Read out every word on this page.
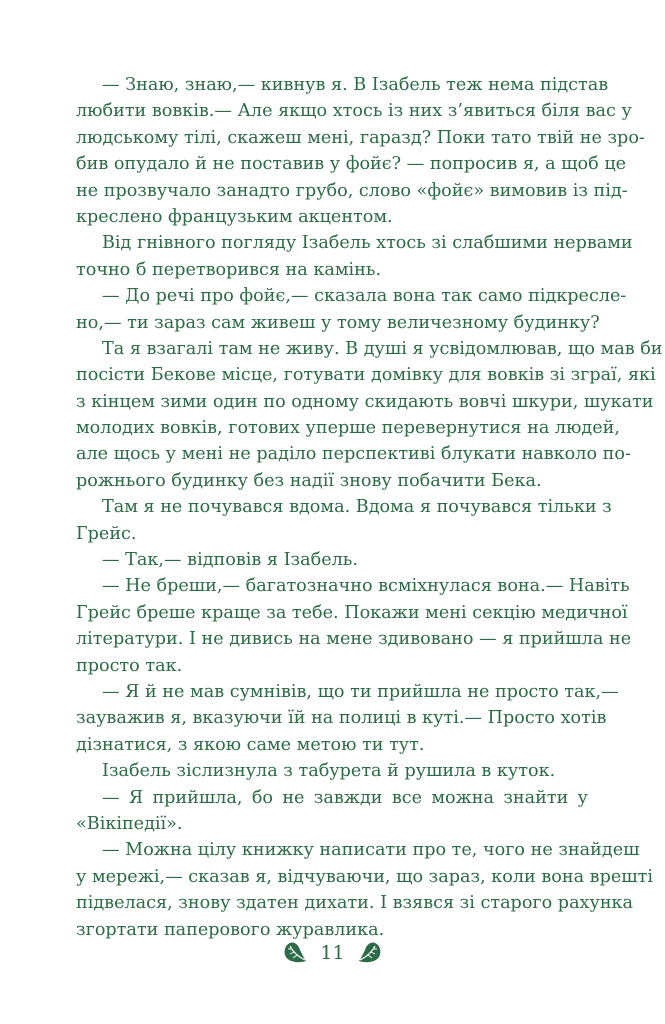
— Знаю, знаю,— кивнув я. В Ізабель теж нема підстав
любити вовків.— Але якщо хтось із них з’явиться біля вас у
людському тілі, скажеш мені, гаразд? Поки тато твій не зро-
бив опудало й не поставив у фойє? — попросив я, а щоб це
не прозвучало занадто грубо, слово «фойє» вимовив із під-
креслено французьким акцентом.
Від гнівного погляду Ізабель хтось зі слабшими нервами
точно б перетворився на камінь.
— До речі про фойє,— сказала вона так само підкреслe-
но,— ти зараз сам живеш у тому величезному будинку?
Та я взагалі там не живу. В душі я усвідомлював, що мав би
посісти Бекове місце, готувати домівку для вовків зі зграї, які
з кінцем зими один по одному скидають вовчі шкури, шукати
молодих вовків, готових уперше перевернутися на людей,
але щось у мені не раділо перспективі блукати навколо по-
рожнього будинку без надії знову побачити Бека.
Там я не почувався вдома. Вдома я почувався тільки з
Грейс.
— Так,— відповів я Ізабель.
— Не бреши,— багатозначно всміхнулася вона.— Навіть
Грейс бреше краще за тебе. Покажи мені секцію медичної
літератури. І не дивись на мене здивовано — я прийшла не
просто так.
— Я й не мав сумнівів, що ти прийшла не просто так,—
зауважив я, вказуючи їй на полиці в куті.— Просто хотів
дізнатися, з якою саме метою ти тут.
Ізабель зіслизнула з табурета й рушила в куток.
— Я прийшла, бо не завжди все можна знайти у
«Вікіпедії».
— Можна цілу книжку написати про те, чого не знайдеш
у мережі,— сказав я, відчуваючи, що зараз, коли вона врешті
підвелася, знову здатен дихати. І взявся зі старого рахунка
згортати паперового журавлика.
11
